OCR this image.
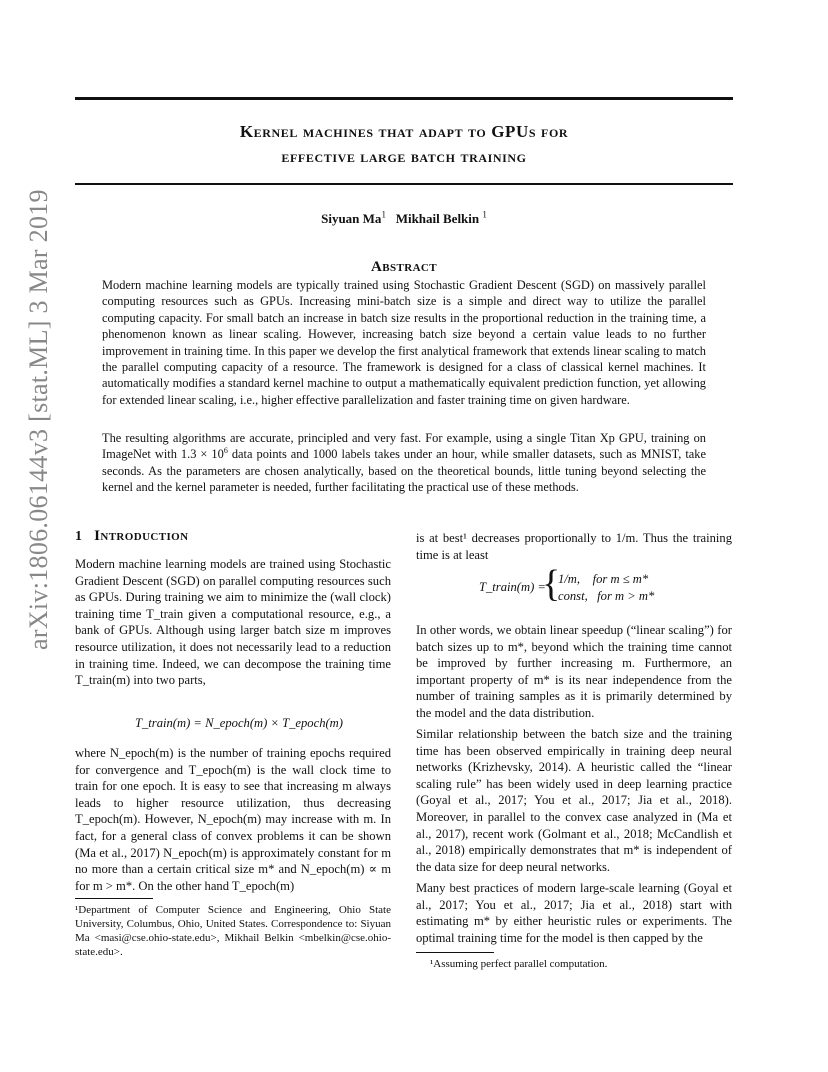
arXiv:1806.06144v3 [stat.ML] 3 Mar 2019
Kernel machines that adapt to GPUs for
effective large batch training
Siyuan Ma$^1$ Mikhail Belkin $^1$
Abstract

Modern machine learning models are typically trained using Stochastic Gradient Descent (SGD) on massively parallel computing resources such as GPUs. Increasing mini-batch size is a simple and direct way to utilize the parallel computing capacity. For small batch an increase in batch size results in the proportional reduction in the training time, a phenomenon known as linear scaling. However, increasing batch size beyond a certain value leads to no further improvement in training time. In this paper we develop the first analytical framework that extends linear scaling to match the parallel computing capacity of a resource. The framework is designed for a class of classical kernel machines. It automatically modifies a standard kernel machine to output a mathematically equivalent prediction function, yet allowing for extended linear scaling, i.e., higher effective parallelization and faster training time on given hardware.

The resulting algorithms are accurate, principled and very fast. For example, using a single Titan Xp GPU, training on ImageNet with $1.3 \times 10^6$ data points and 1000 labels takes under an hour, while smaller datasets, such as MNIST, take seconds. As the parameters are chosen analytically, based on the theoretical bounds, little tuning beyond selecting the kernel and the kernel parameter is needed, further facilitating the practical use of these methods.

1 Introduction
Modern machine learning models are trained using Stochastic Gradient Descent (SGD) on parallel computing resources such as GPUs. During training we aim to minimize the (wall clock) training time T_train given a computational resource, e.g., a bank of GPUs. Although using larger batch size m improves resource utilization, it does not necessarily lead to a reduction in training time. Indeed, we can decompose the training time T_train(m) into two parts,
T_train(m) = N_epoch(m) × T_epoch(m)
where N_epoch(m) is the number of training epochs required for convergence and T_epoch(m) is the wall clock time to train for one epoch. It is easy to see that increasing m always leads to higher resource utilization, thus decreasing T_epoch(m). However, N_epoch(m) may increase with m. In fact, for a general class of convex problems it can be shown (Ma et al., 2017) N_epoch(m) is approximately constant for m no more than a certain critical size m* and N_epoch(m) ∝ m for m > m*. On the other hand T_epoch(m)
¹Department of Computer Science and Engineering, Ohio State University, Columbus, Ohio, United States. Correspondence to: Siyuan Ma <masi@cse.ohio-state.edu>, Mikhail Belkin <mbelkin@cse.ohio-state.edu>.
is at best¹ decreases proportionally to 1/m. Thus the training time is at least
T_train(m) =
{
1/m,    for m ≤ m*
const,   for m > m*
In other words, we obtain linear speedup (“linear scaling”) for batch sizes up to m*, beyond which the training time cannot be improved by further increasing m. Furthermore, an important property of m* is its near independence from the number of training samples as it is primarily determined by the model and the data distribution.
Similar relationship between the batch size and the training time has been observed empirically in training deep neural networks (Krizhevsky, 2014). A heuristic called the “linear scaling rule” has been widely used in deep learning practice (Goyal et al., 2017; You et al., 2017; Jia et al., 2018). Moreover, in parallel to the convex case analyzed in (Ma et al., 2017), recent work (Golmant et al., 2018; McCandlish et al., 2018) empirically demonstrates that m* is independent of the data size for deep neural networks.
Many best practices of modern large-scale learning (Goyal et al., 2017; You et al., 2017; Jia et al., 2018) start with estimating m* by either heuristic rules or experiments. The optimal training time for the model is then capped by the
¹Assuming perfect parallel computation.
